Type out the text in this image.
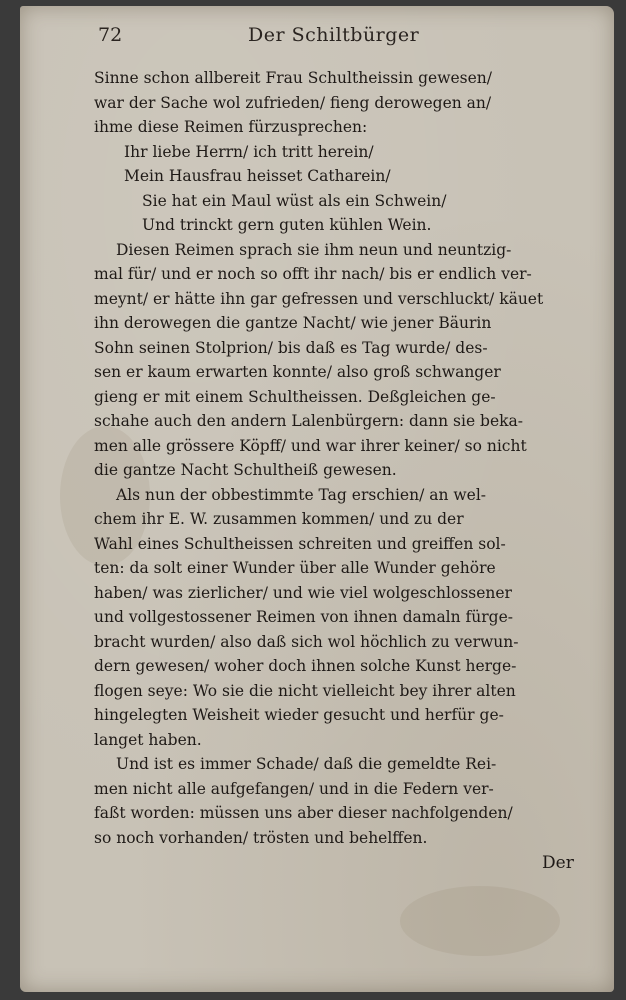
72	Der Schiltbürger
Sinne schon allbereit Frau Schultheissin gewesen/
war der Sache wol zufrieden/ fieng derowegen an/
ihme diese Reimen fürzusprechen:
Ihr liebe Herrn/ ich tritt herein/
Mein Hausfrau heisset Catharein/
Sie hat ein Maul wüst als ein Schwein/
Und trinckt gern guten kühlen Wein.
Diesen Reimen sprach sie ihm neun und neuntzig-
mal für/ und er noch so offt ihr nach/ bis er endlich ver-
meynt/ er hätte ihn gar gefressen und verschluckt/ käuet
ihn derowegen die gantze Nacht/ wie jener Bäurin
Sohn seinen Stolprion/ bis daß es Tag wurde/ des-
sen er kaum erwarten konnte/ also groß schwanger
gieng er mit einem Schultheissen. Deßgleichen ge-
schahe auch den andern Lalenbürgern: dann sie beka-
men alle grössere Köpff/ und war ihrer keiner/ so nicht
die gantze Nacht Schultheiß gewesen.
Als nun der obbestimmte Tag erschien/ an wel-
chem ihr E. W. zusammen kommen/ und zu der
Wahl eines Schultheissen schreiten und greiffen sol-
ten: da solt einer Wunder über alle Wunder gehöre
haben/ was zierlicher/ und wie viel wolgeschlossener
und vollgestossener Reimen von ihnen damaln fürge-
bracht wurden/ also daß sich wol höchlich zu verwun-
dern gewesen/ woher doch ihnen solche Kunst herge-
flogen seye: Wo sie die nicht vielleicht bey ihrer alten
hingelegten Weisheit wieder gesucht und herfür ge-
langet haben.
Und ist es immer Schade/ daß die gemeldte Rei-
men nicht alle aufgefangen/ und in die Federn ver-
faßt worden: müssen uns aber dieser nachfolgenden/
so noch vorhanden/ trösten und behelffen.
Der
